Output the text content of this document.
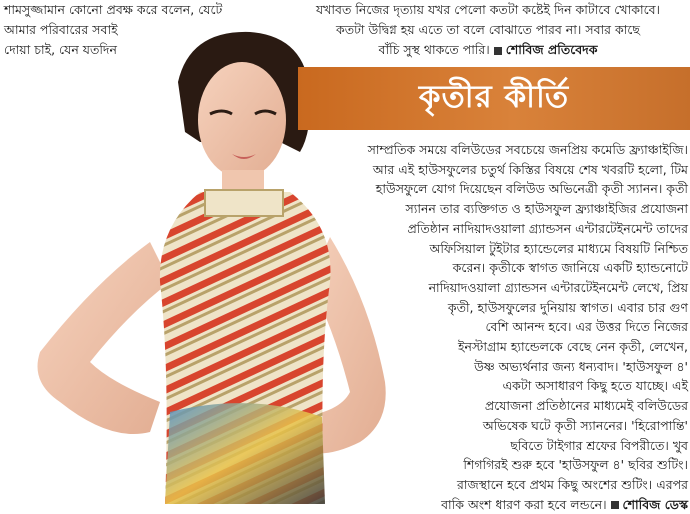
শামসুজ্জামান কোনো প্রবক্ষ করে বলেন, যেটে
আমার পরিবারের সবাই
দোয়া চাই, যেন যতদিন
যখাবত নিজের দৃত্যায় যখর পেলো কতটা কষ্টেই দিন কাটাবে খোকাবে।
কতটা উদ্বিগ্ন হয় এতে তা বলে বোঝাতে পারব না। সবার কাছে
বাঁচি সুস্থ থাকতে পারি। শোবিজ প্রতিবেদক
কৃতীর কীর্তি
সাম্প্রতিক সময়ে বলিউডের সবচেয়ে জনপ্রিয় কমেডি ফ্র্যাঞ্চাইজি।
আর এই হাউসফুলের চতুর্থ কিস্তির বিষয়ে শেষ খবরটি হলো, টিম
হাউসফুলে যোগ দিয়েছেন বলিউড অভিনেত্রী কৃতী স্যানন। কৃতী
স্যানন তার ব্যক্তিগত ও হাউসফুল ফ্র্যাঞ্চাইজির প্রযোজনা
প্রতিষ্ঠান নাদিয়াদওয়ালা গ্র্যান্ডসন এন্টারটেইনমেন্ট তাদের
অফিসিয়াল টুইটার হ্যান্ডেলের মাধ্যমে বিষয়টি নিশ্চিত
করেন। কৃতীকে স্বাগত জানিয়ে একটি হ্যান্ডনোটে
নাদিয়াদওয়ালা গ্র্যান্ডসন এন্টারটেইনমেন্ট লেখে, প্রিয়
কৃতী, হাউসফুলের দুনিয়ায় স্বাগত। এবার চার গুণ
বেশি আনন্দ হবে। এর উত্তর দিতে নিজের
ইনস্টাগ্রাম হ্যান্ডেলকে বেছে নেন কৃতী, লেখেন,
উষ্ণ অভ্যর্থনার জন্য ধন্যবাদ। 'হাউসফুল ৪'
একটা অসাধারণ কিছু হতে যাচ্ছে। এই
প্রযোজনা প্রতিষ্ঠানের মাধ্যমেই বলিউডের
অভিষেক ঘটে কৃতী স্যাননের। 'হিরোপান্তি'
ছবিতে টাইগার শ্রফের বিপরীতে। খুব
শিগগিরই শুরু হবে 'হাউসফুল ৪' ছবির শুটিং।
রাজস্থানে হবে প্রথম কিছু অংশের শুটিং। এরপর
বাকি অংশ ধারণ করা হবে লন্ডনে। শোবিজ ডেস্ক
